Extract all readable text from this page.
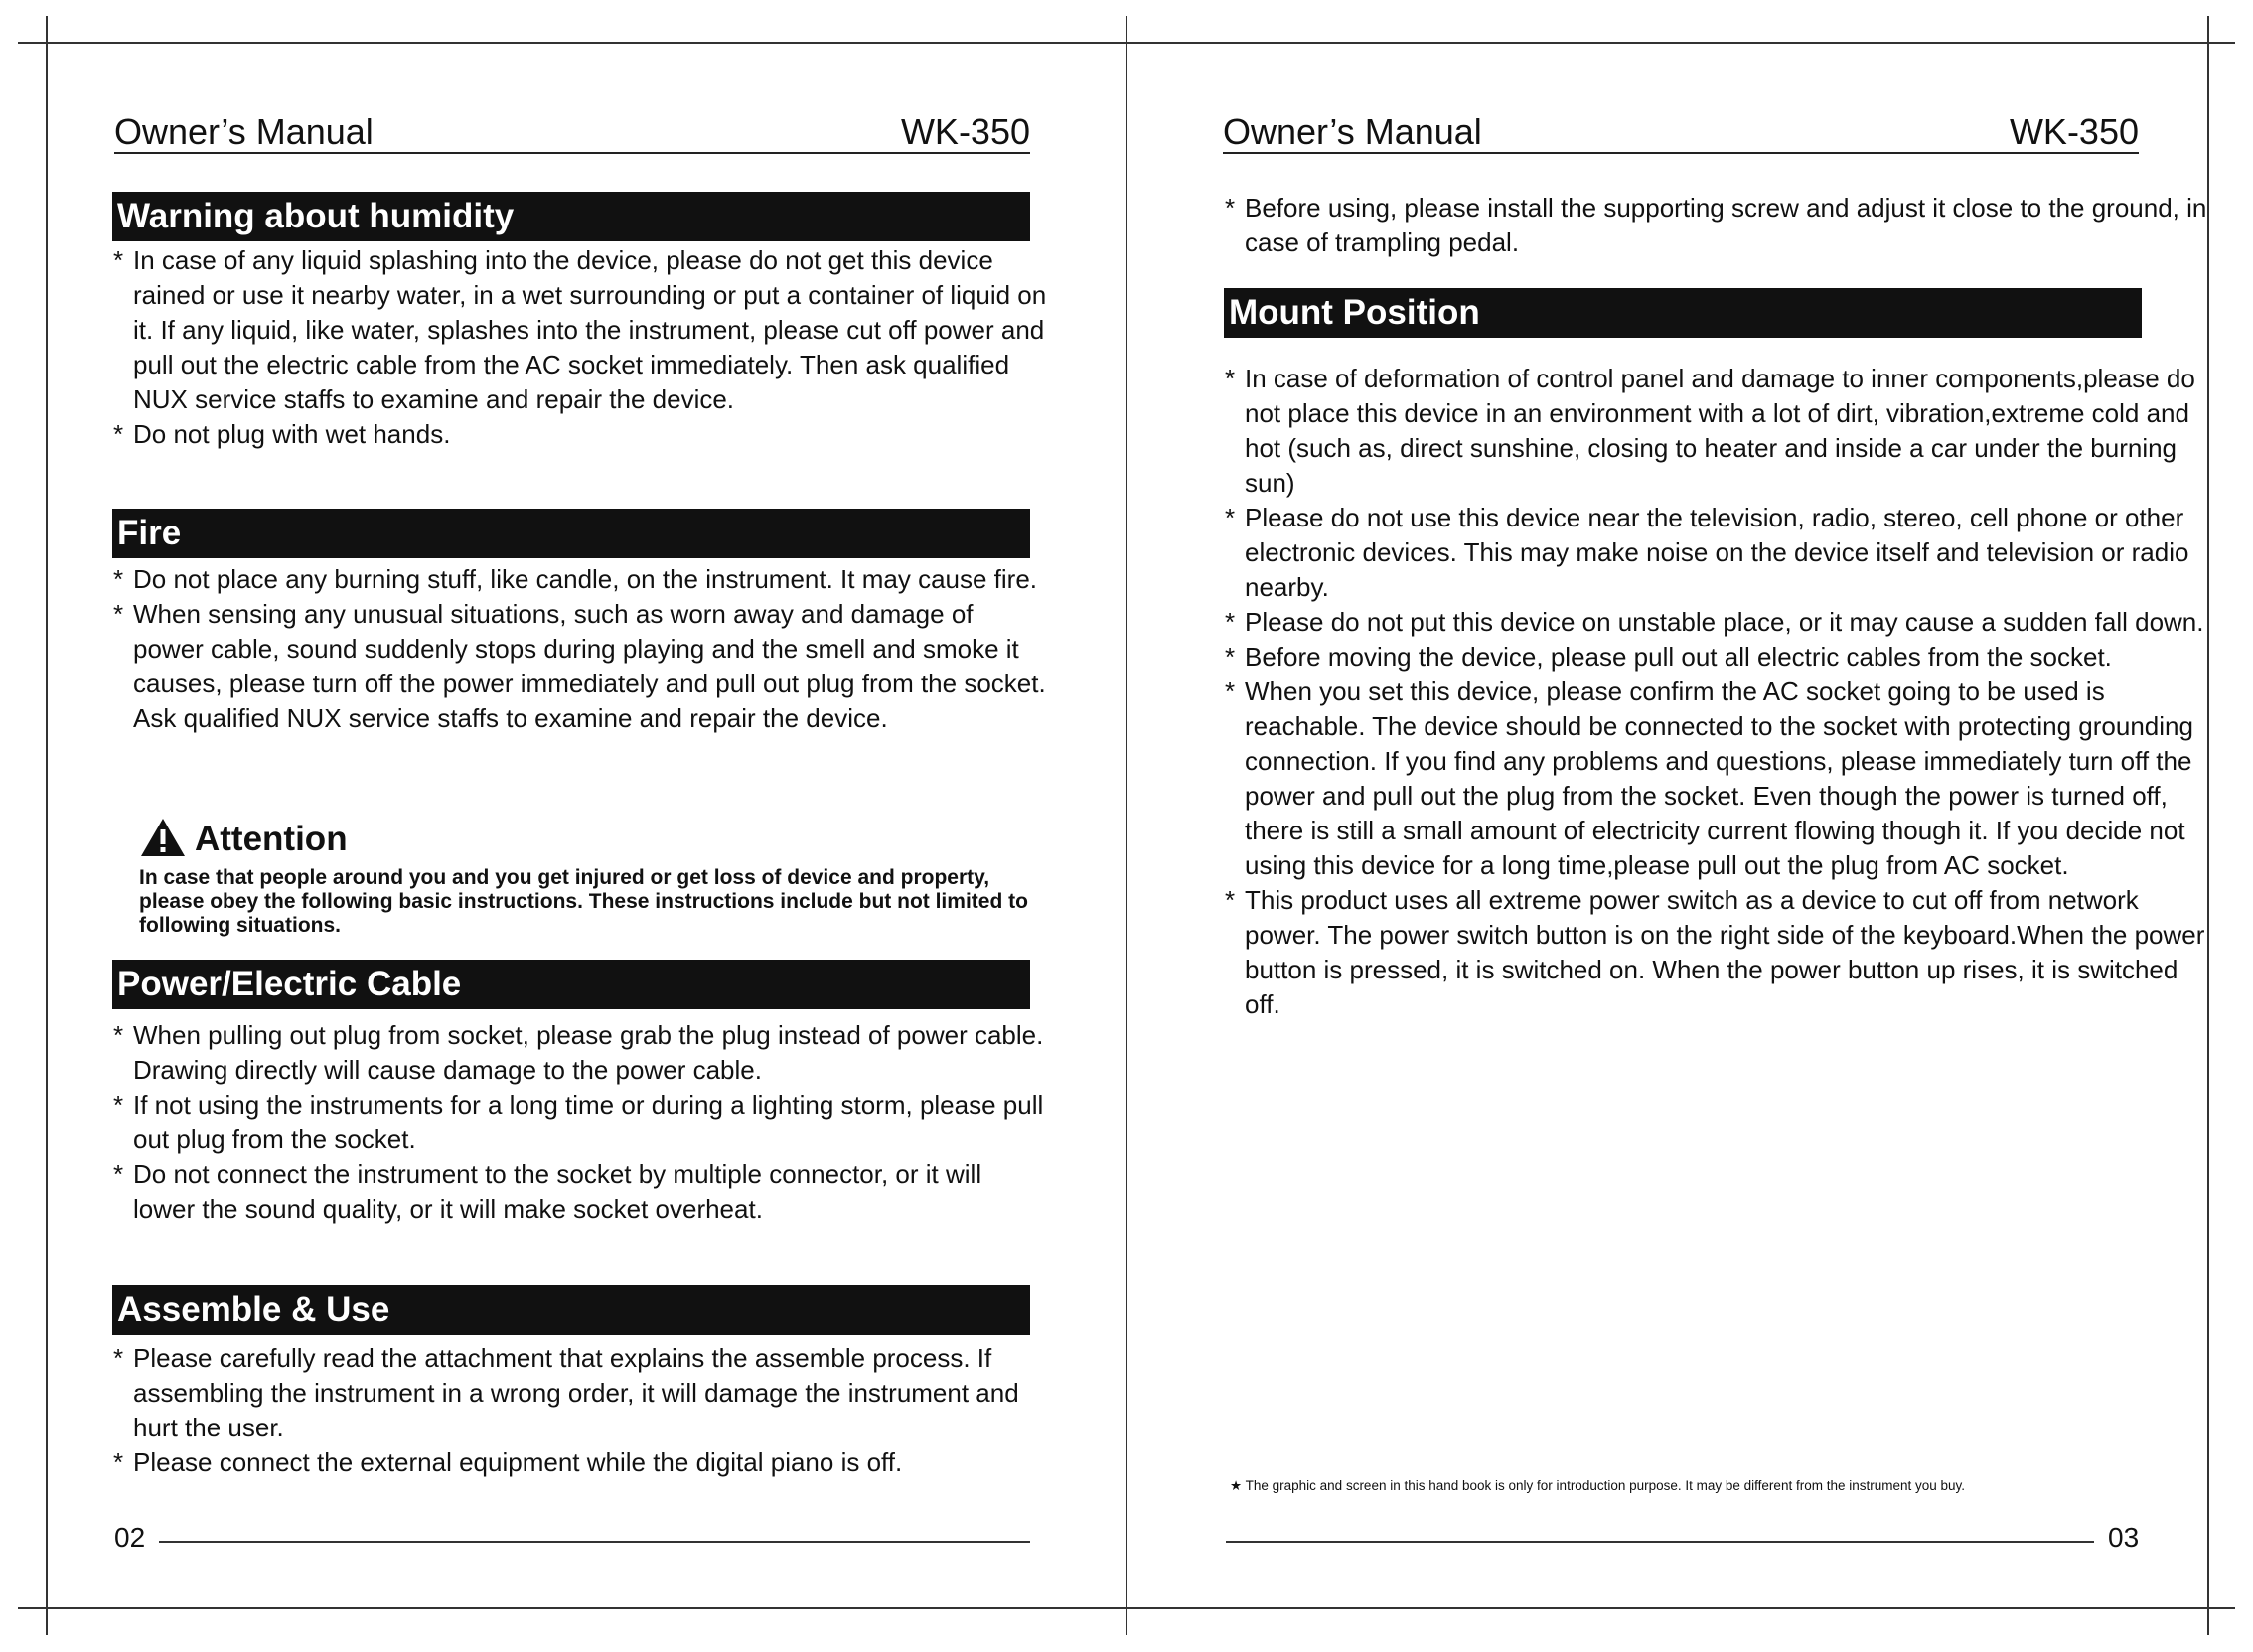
Owner’s Manual	WK-350
Warning about humidity

* In case of any liquid splashing into the device, please do not get this device rained or use it nearby water, in a wet surrounding or put a container of liquid on it. If any liquid, like water, splashes into the instrument, please cut off power and pull out the electric cable from the AC socket immediately. Then ask qualified NUX service staffs to examine and repair the device.

* Do not plug with wet hands.

Fire

* Do not place any burning stuff, like candle, on the instrument. It may cause fire.

* When sensing any unusual situations, such as worn away and damage of power cable, sound suddenly stops during playing and the smell and smoke it causes, please turn off the power immediately and pull out plug from the socket. Ask qualified NUX service staffs to examine and repair the device.

Attention
In case that people around you and you get injured or get loss of device and property, please obey the following basic instructions. These instructions include but not limited to following situations.
Power/Electric Cable

* When pulling out plug from socket, please grab the plug instead of power cable. Drawing directly will cause damage to the power cable.

* If not using the instruments for a long time or during a lighting storm, please pull out plug from the socket.

* Do not connect the instrument to the socket by multiple connector, or it will lower the sound quality, or it will make socket overheat.

Assemble & Use

* Please carefully read the attachment that explains the assemble process. If assembling the instrument in a wrong order, it will damage the instrument and hurt the user.

* Please connect the external equipment while the digital piano is off.

02
Owner’s Manual	WK-350

* Before using, please install the supporting screw and adjust it close to the ground, in case of trampling pedal.

Mount Position

* In case of deformation of control panel and damage to inner components,please do not place this device in an environment with a lot of dirt, vibration,extreme cold and hot (such as, direct sunshine, closing to heater and inside a car under the burning sun)

* Please do not use this device near the television, radio, stereo, cell phone or other electronic devices. This may make noise on the device itself and television or radio nearby.

* Please do not put this device on unstable place, or it may cause a sudden fall down.

* Before moving the device, please pull out all electric cables from the socket.

* When you set this device, please confirm the AC socket going to be used is reachable. The device should be connected to the socket with protecting grounding connection. If you find any problems and questions, please immediately turn off the power and pull out the plug from the socket. Even though the power is turned off, there is still a small amount of electricity current flowing though it. If you decide not using this device for a long time,please pull out the plug from AC socket.

* This product uses all extreme power switch as a device to cut off from network power. The power switch button is on the right side of the keyboard.When the power button is pressed, it is switched on. When the power button up rises, it is switched off.

★ The graphic and screen in this hand book is only for introduction purpose. It may be different from the instrument you buy.
03
